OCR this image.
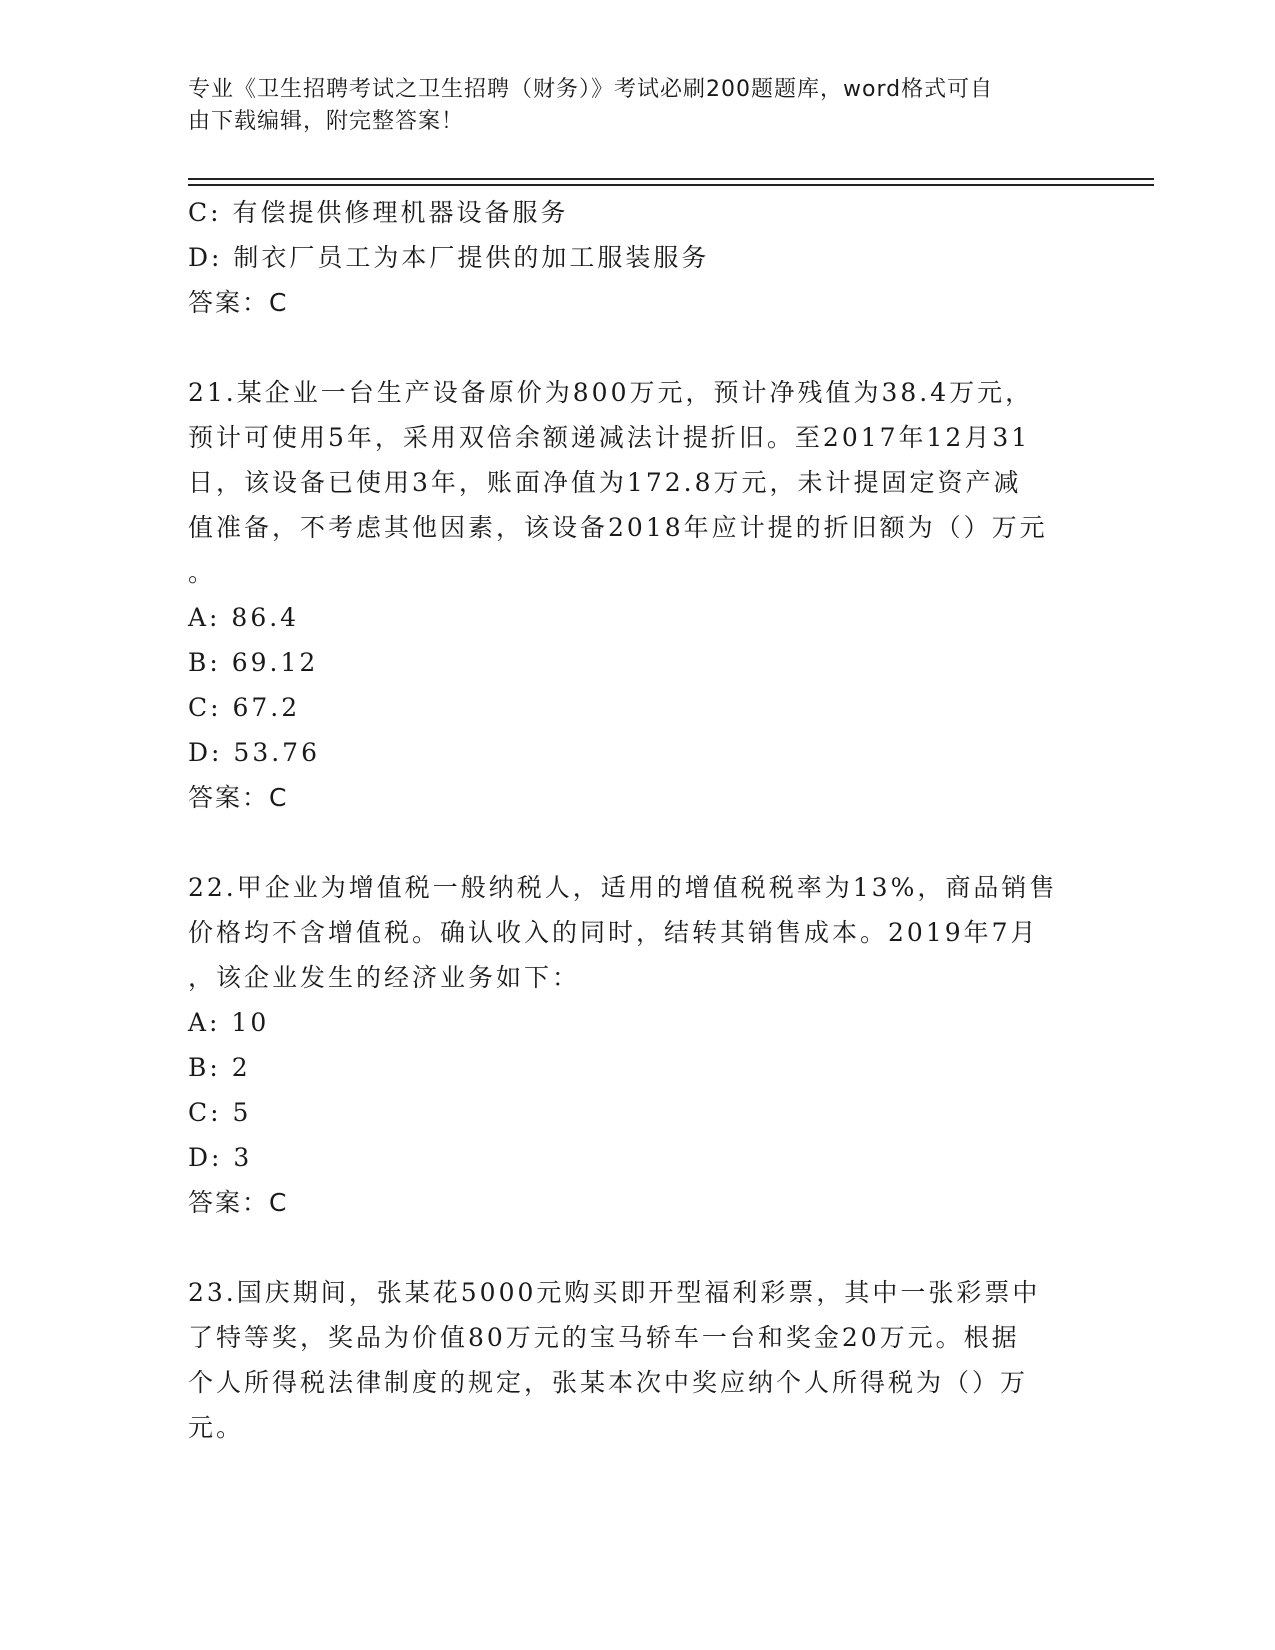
专业《卫生招聘考试之卫生招聘（财务）》考试必刷200题题库，word格式可自
由下载编辑，附完整答案！
C: 有偿提供修理机器设备服务
D: 制衣厂员工为本厂提供的加工服装服务
答案：C
21.某企业一台生产设备原价为800万元，预计净残值为38.4万元，
预计可使用5年，采用双倍余额递减法计提折旧。至2017年12月31
日，该设备已使用3年，账面净值为172.8万元，未计提固定资产减
值准备，不考虑其他因素，该设备2018年应计提的折旧额为（）万元
。
A: 86.4
B: 69.12
C: 67.2
D: 53.76
答案：C
22.甲企业为增值税一般纳税人，适用的增值税税率为13%，商品销售
价格均不含增值税。确认收入的同时，结转其销售成本。2019年7月
，该企业发生的经济业务如下：
A: 10
B: 2
C: 5
D: 3
答案：C
23.国庆期间，张某花5000元购买即开型福利彩票，其中一张彩票中
了特等奖，奖品为价值80万元的宝马轿车一台和奖金20万元。根据
个人所得税法律制度的规定，张某本次中奖应纳个人所得税为（）万
元。
